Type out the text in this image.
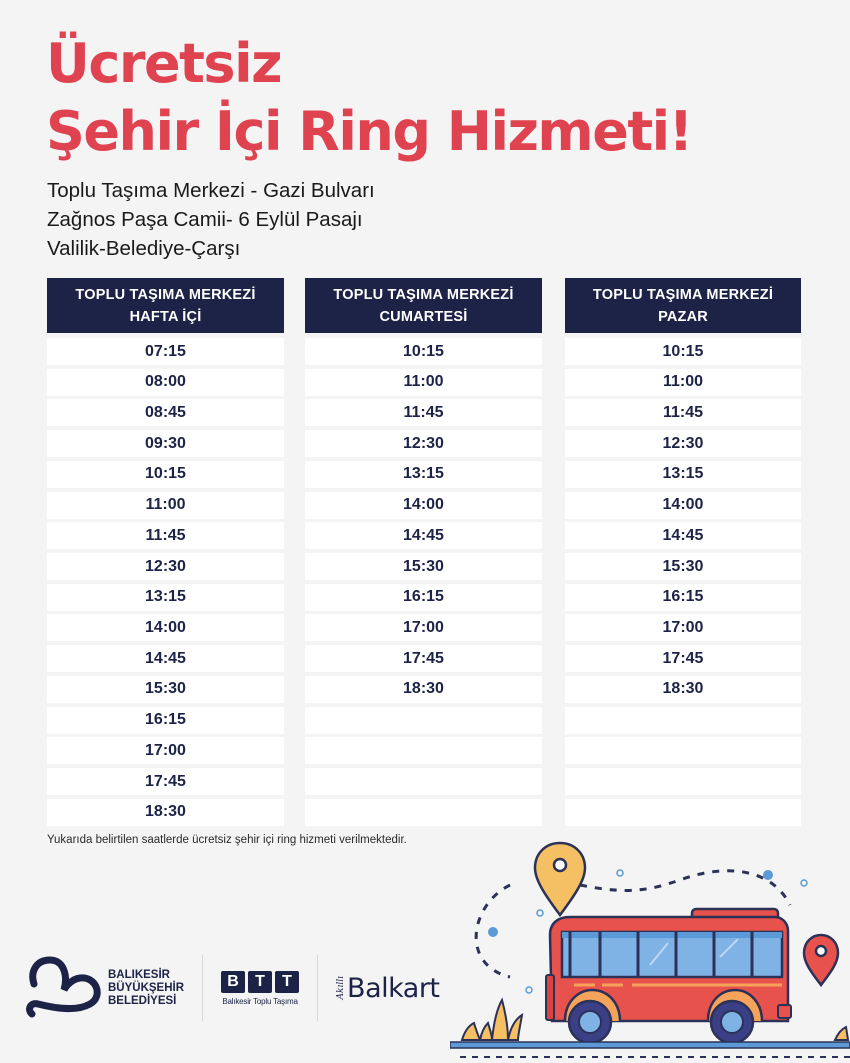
Ücretsiz
Şehir İçi Ring Hizmeti!
Toplu Taşıma Merkezi - Gazi Bulvarı
Zağnos Paşa Camii- 6 Eylül Pasajı
Valilik-Belediye-Çarşı
TOPLU TAŞIMA MERKEZİ
HAFTA İÇİ
07:15
08:00
08:45
09:30
10:15
11:00
11:45
12:30
13:15
14:00
14:45
15:30
16:15
17:00
17:45
18:30
TOPLU TAŞIMA MERKEZİ
CUMARTESİ
10:15
11:00
11:45
12:30
13:15
14:00
14:45
15:30
16:15
17:00
17:45
18:30
TOPLU TAŞIMA MERKEZİ
PAZAR
10:15
11:00
11:45
12:30
13:15
14:00
14:45
15:30
16:15
17:00
17:45
18:30
Yukarıda belirtilen saatlerde ücretsiz şehir içi ring hizmeti verilmektedir.
BALIKESİR
BÜYÜKŞEHİR
BELEDİYESİ
B	T	T
Balıkesir Toplu Taşıma
Akıllı Balkart
